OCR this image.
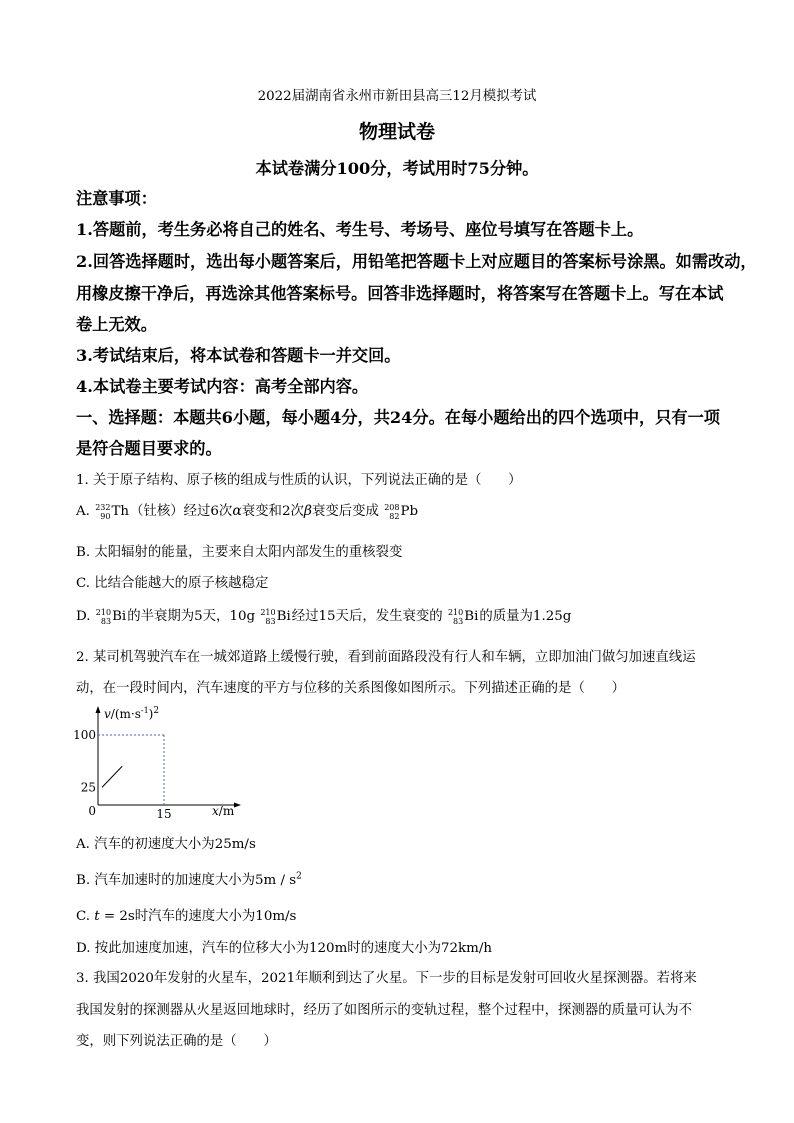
2022届湖南省永州市新田县高三12月模拟考试
物理试卷
本试卷满分100分，考试用时75分钟。
注意事项：
1.答题前，考生务必将自己的姓名、考生号、考场号、座位号填写在答题卡上。
2.回答选择题时，选出每小题答案后，用铅笔把答题卡上对应题目的答案标号涂黑。如需改动，
用橡皮擦干净后，再选涂其他答案标号。回答非选择题时，将答案写在答题卡上。写在本试
卷上无效。
3.考试结束后，将本试卷和答题卡一并交回。
4.本试卷主要考试内容：高考全部内容。
一、选择题：本题共6小题，每小题4分，共24分。在每小题给出的四个选项中，只有一项
是符合题目要求的。
1. 关于原子结构、原子核的组成与性质的认识，下列说法正确的是（　　）
A. 232
90 Th （钍核）经过6次α衰变和2次β衰变后变成 208
82 Pb
B. 太阳辐射的能量，主要来自太阳内部发生的重核裂变
C. 比结合能越大的原子核越稳定
D. 210
83 Bi 的半衰期为5天，10g 210
83 Bi 经过15天后，发生衰变的 210
83 Bi 的质量为1.25g
2. 某司机驾驶汽车在一城郊道路上缓慢行驶，看到前面路段没有行人和车辆，立即加油门做匀加速直线运
动，在一段时间内，汽车速度的平方与位移的关系图像如图所示。下列描述正确的是（　　）
$v/(m\cdot s^{-1})^2$
x/m
100
25
0	15
A. 汽车的初速度大小为25m/s
B. 汽车加速时的加速度大小为$5m / s^2$
C. t = 2s时汽车的速度大小为10m/s
D. 按此加速度加速，汽车的位移大小为120m时的速度大小为72km/h
3. 我国2020年发射的火星车，2021年顺利到达了火星。下一步的目标是发射可回收火星探测器。若将来
我国发射的探测器从火星返回地球时，经历了如图所示的变轨过程，整个过程中，探测器的质量可认为不
变，则下列说法正确的是（　　）
